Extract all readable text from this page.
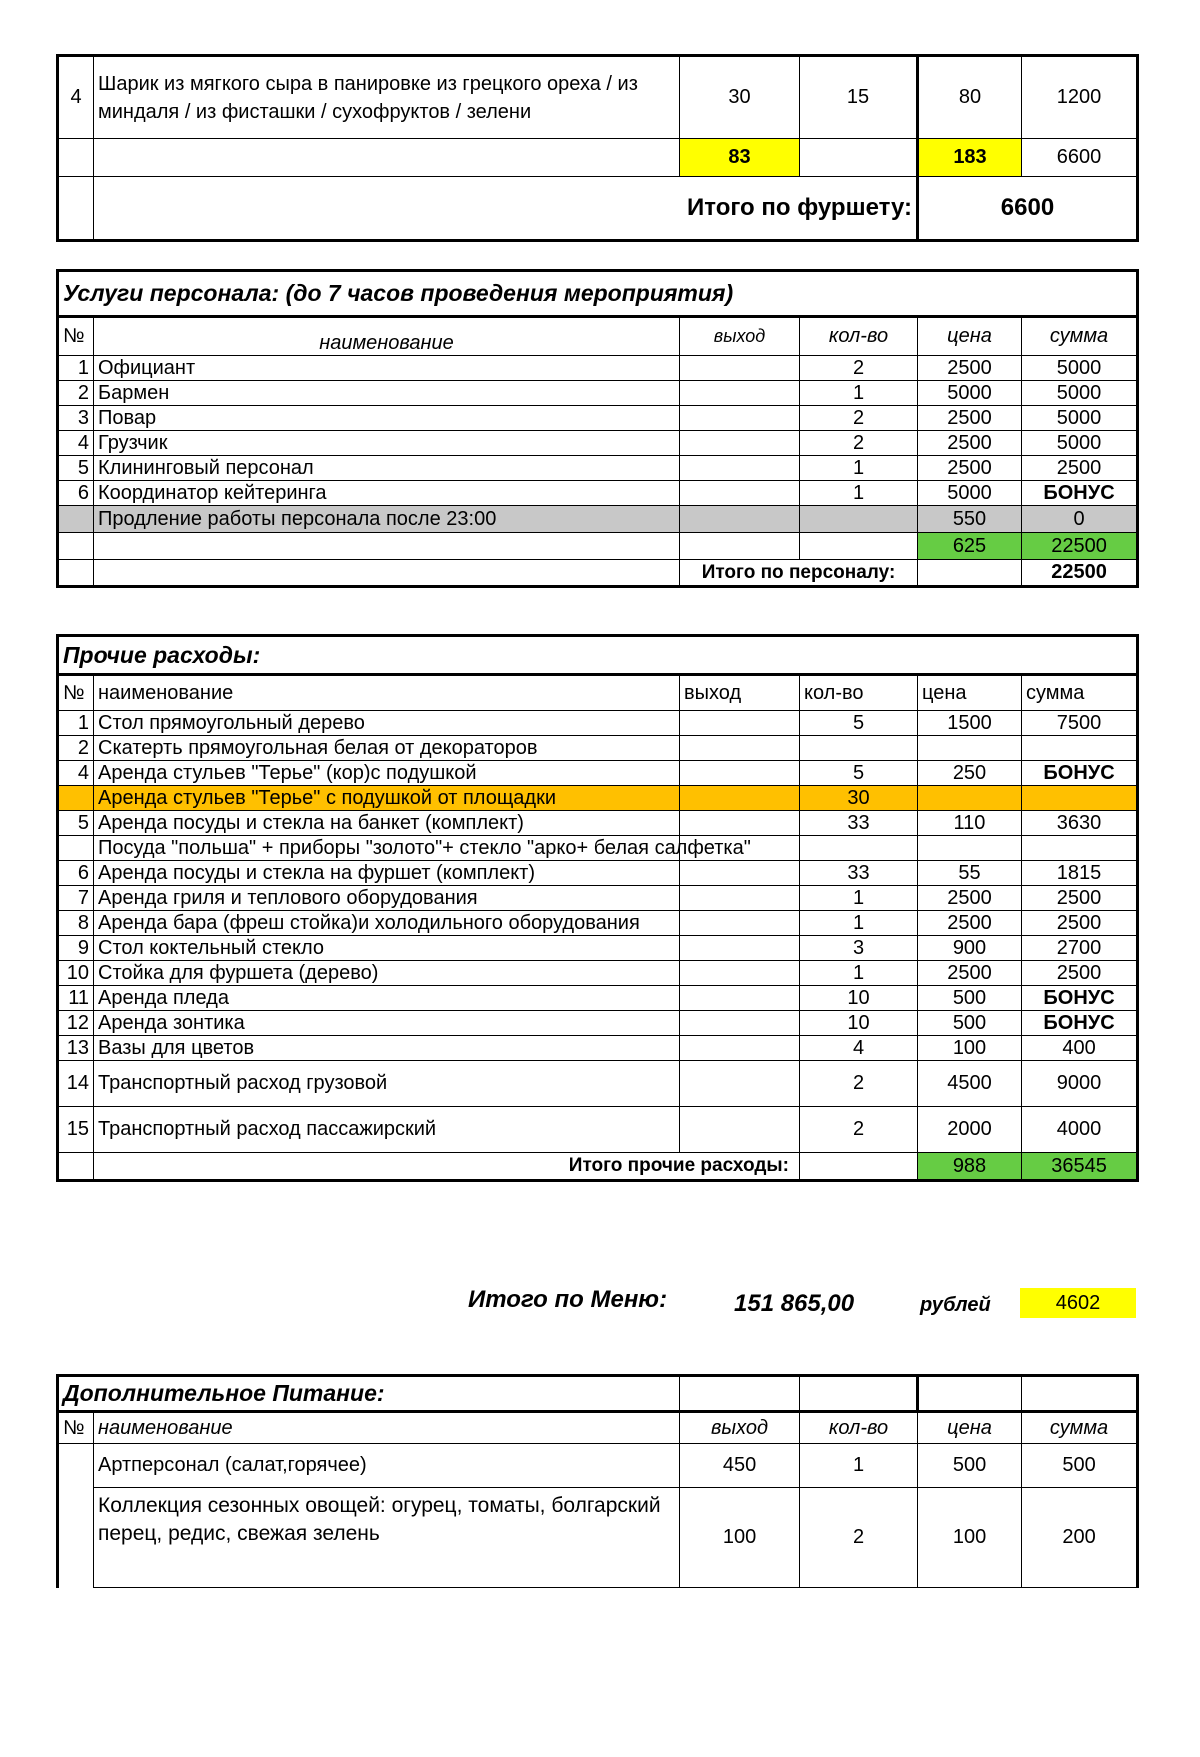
4	Шарик из мягкого сыра в панировке из грецкого ореха / из миндаля / из фисташки / сухофруктов / зелени	30	15	80	1200
		83		183	6600
	Итого по фуршету:			6600	
Услуги персонала: (до 7 часов проведения мероприятия)					
№	наименование	выход	кол-во	цена	сумма
1	Официант		2	2500	5000
2	Бармен		1	5000	5000
3	Повар		2	2500	5000
4	Грузчик		2	2500	5000
5	Клининговый персонал		1	2500	2500
6	Координатор кейтеринга		1	5000	БОНУС
	Продление работы персонала после 23:00			550	0
				625	22500
		Итого по персоналу:			22500
Прочие расходы:					
№	наименование	выход	кол-во	цена	сумма
1	Стол прямоугольный дерево		5	1500	7500
2	Скатерть прямоугольная белая от декораторов				
4	Аренда стульев "Терье" (кор)с подушкой		5	250	БОНУС
	Аренда стульев "Терье" с подушкой от площадки		30		
5	Аренда посуды и стекла на банкет (комплект)		33	110	3630
	Посуда "польша" + приборы "золото"+ стекло "арко+ белая салфетка"				
6	Аренда посуды и стекла на фуршет (комплект)		33	55	1815
7	Аренда гриля и теплового оборудования		1	2500	2500
8	Аренда бара (фреш стойка)и холодильного оборудования		1	2500	2500
9	Стол коктельный стекло		3	900	2700
10	Стойка для фуршета (дерево)		1	2500	2500
11	Аренда пледа		10	500	БОНУС
12	Аренда зонтика		10	500	БОНУС
13	Вазы для цветов		4	100	400
14	Транспортный расход грузовой		2	4500	9000
15	Транспортный расход пассажирский		2	2000	4000
	Итого прочие расходы:			988	36545
Итого по Меню:	151 865,00	рублей	4602
Дополнительное Питание:					
№	наименование	выход	кол-во	цена	сумма
	Артперсонал (салат,горячее)	450	1	500	500
	Коллекция сезонных овощей: огурец, томаты, болгарский перец, редис, свежая зелень	100	2	100	200
